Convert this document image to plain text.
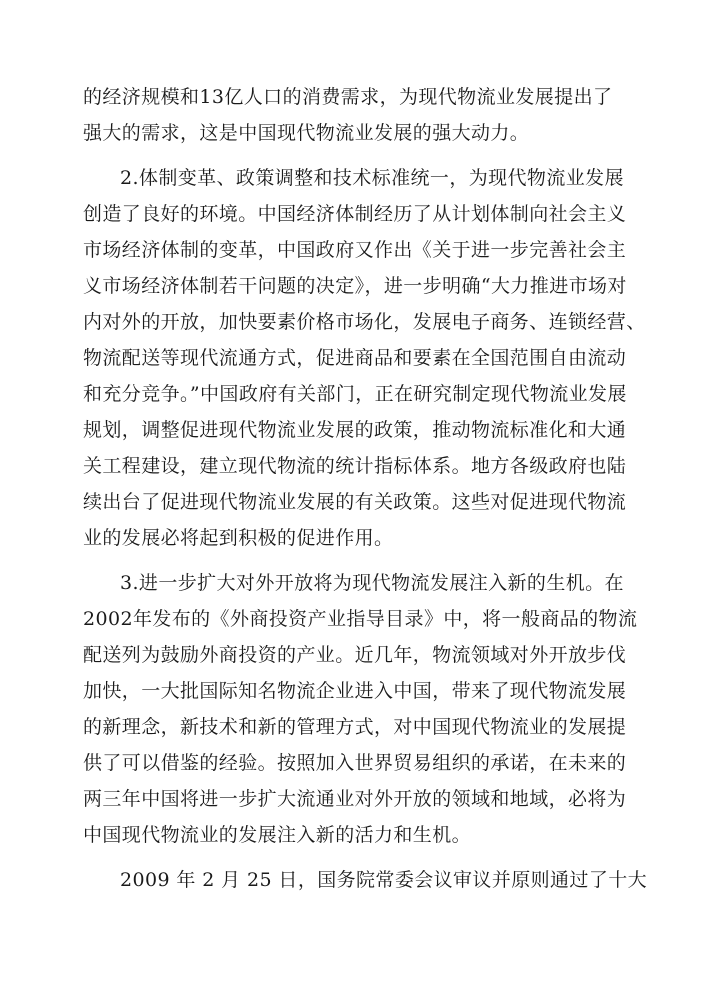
的经济规模和13亿人口的消费需求，为现代物流业发展提出了
强大的需求，这是中国现代物流业发展的强大动力。
2.体制变革、政策调整和技术标准统一，为现代物流业发展
创造了良好的环境。中国经济体制经历了从计划体制向社会主义
市场经济体制的变革，中国政府又作出《关于进一步完善社会主
义市场经济体制若干问题的决定》，进一步明确“大力推进市场对
内对外的开放，加快要素价格市场化，发展电子商务、连锁经营、
物流配送等现代流通方式，促进商品和要素在全国范围自由流动
和充分竞争。”中国政府有关部门，正在研究制定现代物流业发展
规划，调整促进现代物流业发展的政策，推动物流标准化和大通
关工程建设，建立现代物流的统计指标体系。地方各级政府也陆
续出台了促进现代物流业发展的有关政策。这些对促进现代物流
业的发展必将起到积极的促进作用。
3.进一步扩大对外开放将为现代物流发展注入新的生机。在
2002年发布的《外商投资产业指导目录》中，将一般商品的物流
配送列为鼓励外商投资的产业。近几年，物流领域对外开放步伐
加快，一大批国际知名物流企业进入中国，带来了现代物流发展
的新理念，新技术和新的管理方式，对中国现代物流业的发展提
供了可以借鉴的经验。按照加入世界贸易组织的承诺，在未来的
两三年中国将进一步扩大流通业对外开放的领域和地域，必将为
中国现代物流业的发展注入新的活力和生机。
2009 年 2 月 25 日，国务院常委会议审议并原则通过了十大
